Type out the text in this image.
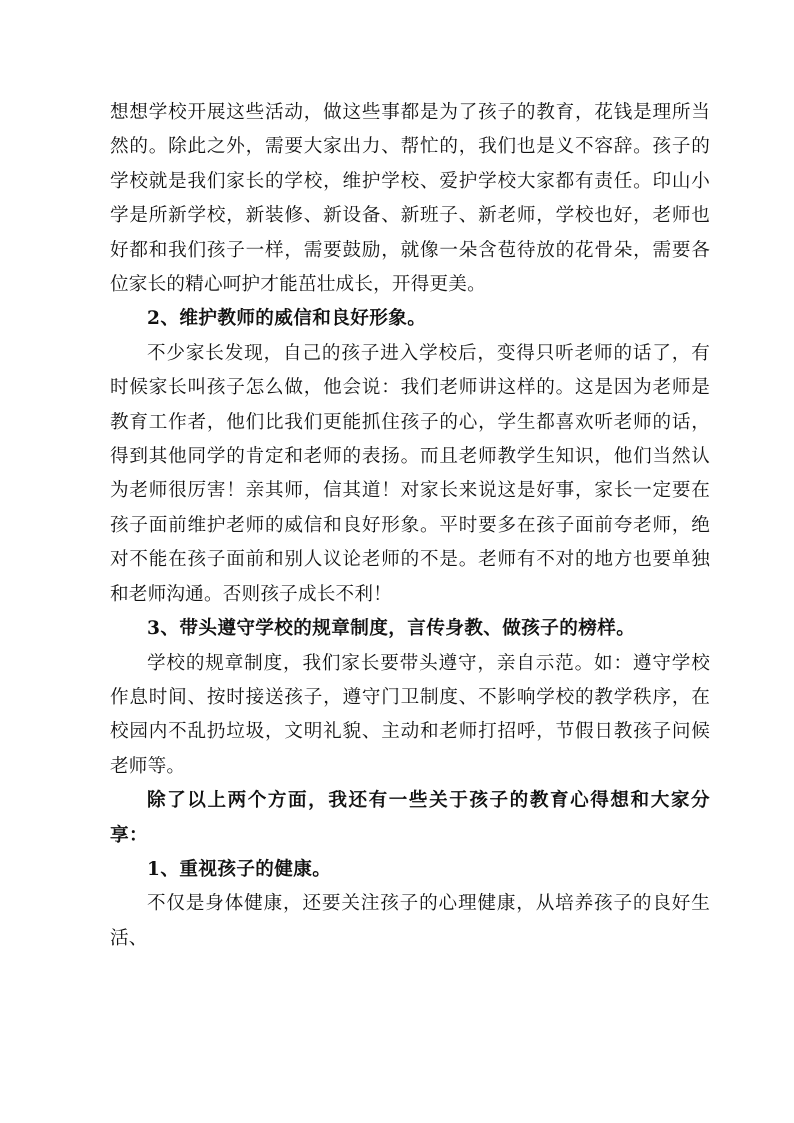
想想学校开展这些活动，做这些事都是为了孩子的教育，花钱是理所当然的。除此之外，需要大家出力、帮忙的，我们也是义不容辞。孩子的学校就是我们家长的学校，维护学校、爱护学校大家都有责任。印山小学是所新学校，新装修、新设备、新班子、新老师，学校也好，老师也好都和我们孩子一样，需要鼓励，就像一朵含苞待放的花骨朵，需要各位家长的精心呵护才能茁壮成长，开得更美。

2、维护教师的威信和良好形象。

不少家长发现，自己的孩子进入学校后，变得只听老师的话了，有时候家长叫孩子怎么做，他会说：我们老师讲这样的。这是因为老师是教育工作者，他们比我们更能抓住孩子的心，学生都喜欢听老师的话，得到其他同学的肯定和老师的表扬。而且老师教学生知识，他们当然认为老师很厉害！亲其师，信其道！对家长来说这是好事，家长一定要在孩子面前维护老师的威信和良好形象。平时要多在孩子面前夸老师，绝对不能在孩子面前和别人议论老师的不是。老师有不对的地方也要单独和老师沟通。否则孩子成长不利！

3、带头遵守学校的规章制度，言传身教、做孩子的榜样。

学校的规章制度，我们家长要带头遵守，亲自示范。如：遵守学校作息时间、按时接送孩子，遵守门卫制度、不影响学校的教学秩序，在校园内不乱扔垃圾，文明礼貌、主动和老师打招呼，节假日教孩子问候老师等。

除了以上两个方面，我还有一些关于孩子的教育心得想和大家分享：

1、重视孩子的健康。

不仅是身体健康，还要关注孩子的心理健康，从培养孩子的良好生活、
